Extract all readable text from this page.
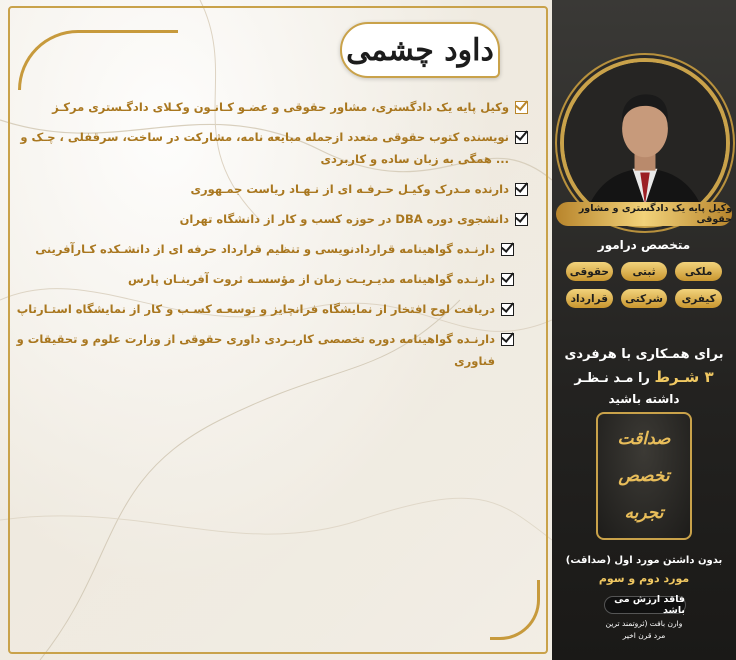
داود چشمی
وکیل پایه یک دادگستری، مشاور حقوقی و عضـو کـانـون وکـلای دادگـستری مرکـز
نویسنده کتوب حقوقی متعدد ازجمله مبایعه نامه، مشارکت در ساخت، سرقفلی ، چـک و ... همگی به زبان ساده و کاربردی
دارنده مـدرک وکیـل حـرفـه ای از نـهـاد ریاست جمـهوری
دانشجوی دوره DBA در حوزه کسب و کار از دانشگاه تهران
دارنـده گواهینامه قراردادنویسی و تنظیم قرارداد حرفه ای از دانشـکده کـارآفرینی
دارنـده گواهینامه مدیـریـت زمان از مؤسسـه ثروت آفرینـان پارس
دریافت لوح افتخار از نمایشگاه فرانچایز و توسعـه کسـب و کار از نمایشگاه استـارتاپ
دارنـده گواهینامه دوره تخصصی کاربـردی داوری حقوقی از وزارت علوم و تحقیقات و فناوری
وکیل پایه یک دادگستری و مشاور حقوقی
متخصص درامور
ملکی
ثبتی
حقوقی
کیفری
شرکتی
قرارداد
برای همـکاری با هرفردی
۳ شـرط را مـد نـظـر
داشته باشید
صداقت
تخصص
تجربه
بدون داشتن مورد اول (صداقت)
مورد دوم و سوم
فاقد ارزش می باشد
وارن بافت (ثروتمند ترین
مرد قرن اخیر
